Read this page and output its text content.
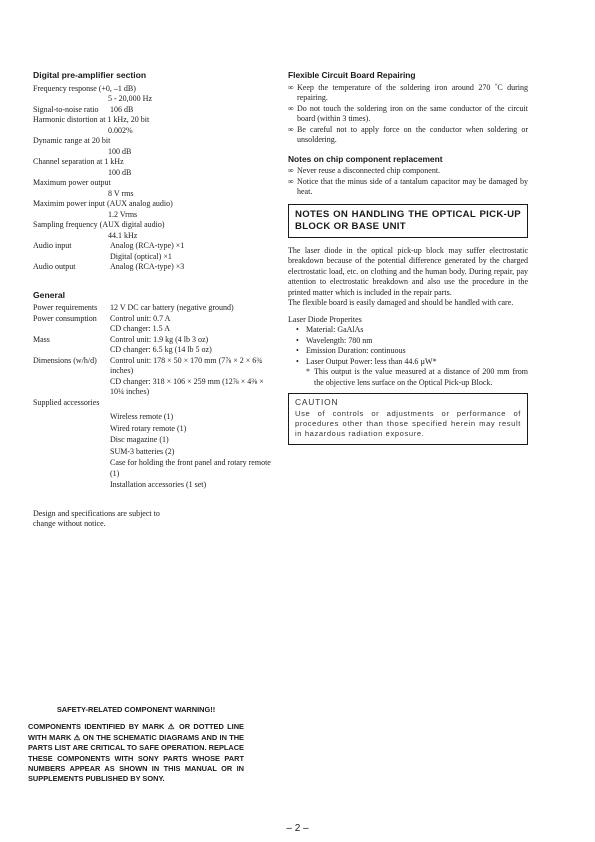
Digital pre-amplifier section
Frequency response (+0, –1 dB)
5 - 20,000 Hz
Signal-to-noise ratio	106 dB
Harmonic distortion at 1 kHz, 20 bit
0.002%
Dynamic range at 20 bit
100 dB
Channel separation at 1 kHz
100 dB
Maximum power output
8 V rms
Maximim power input (AUX analog audio)
1.2 Vrms
Sampling frequency (AUX digital audio)
44.1 kHz
Audio input	Analog (RCA-type) ×1
Digital (optical) ×1
Audio output	Analog (RCA-type) ×3
General
Power requirements	12 V DC car battery (negative ground)
Power consumption	Control unit: 0.7 A
CD changer: 1.5 A
Mass	Control unit: 1.9 kg (4 lb 3 oz)
CD changer: 6.5 kg (14 lb 5 oz)
Dimensions (w/h/d)	Control unit: 178 × 50 × 170 mm (7⅞ × 2 × 6¾ inches)
CD changer: 318 × 106 × 259 mm (12⅞ × 4⅜ × 10¼ inches)
Supplied accessories
Wireless remote (1)
Wired rotary remote (1)
Disc magazine (1)
SUM-3 batteries (2)
Case for holding the front panel and rotary remote (1)
Installation accessories (1 set)
Design and specifications are subject to change without notice.
Flexible Circuit Board Repairing
∞ Keep the temperature of the soldering iron around 270 ˚C during repairing.
∞ Do not touch the soldering iron on the same conductor of the circuit board (within 3 times).
∞ Be careful not to apply force on the conductor when soldering or unsoldering.
Notes on chip component replacement
∞ Never reuse a disconnected chip component.
∞ Notice that the minus side of a tantalum capacitor may be damaged by heat.
NOTES ON HANDLING THE OPTICAL PICK-UP BLOCK OR BASE UNIT
The laser diode in the optical pick-up block may suffer electrostatic breakdown because of the potential difference generated by the charged electrostatic load, etc. on clothing and the human body. During repair, pay attention to electrostatic breakdown and also use the procedure in the printed matter which is included in the repair parts.
The flexible board is easily damaged and should be handled with care.
Laser Diode Properites
• Material: GaAlAs
• Wavelength: 780 nm
• Emission Duration: continuous
• Laser Output Power: less than 44.6 µW*
* This output is the value measured at a distance of 200 mm from the objective lens surface on the Optical Pick-up Block.
CAUTION
Use of controls or adjustments or performance of procedures other than those specified herein may result in hazardous radiation exposure.
SAFETY-RELATED COMPONENT WARNING!!
COMPONENTS IDENTIFIED BY MARK ⚠ OR DOTTED LINE WITH MARK ⚠ ON THE SCHEMATIC DIAGRAMS AND IN THE PARTS LIST ARE CRITICAL TO SAFE OPERATION. REPLACE THESE COMPONENTS WITH SONY PARTS WHOSE PART NUMBERS APPEAR AS SHOWN IN THIS MANUAL OR IN SUPPLEMENTS PUBLISHED BY SONY.
– 2 –
